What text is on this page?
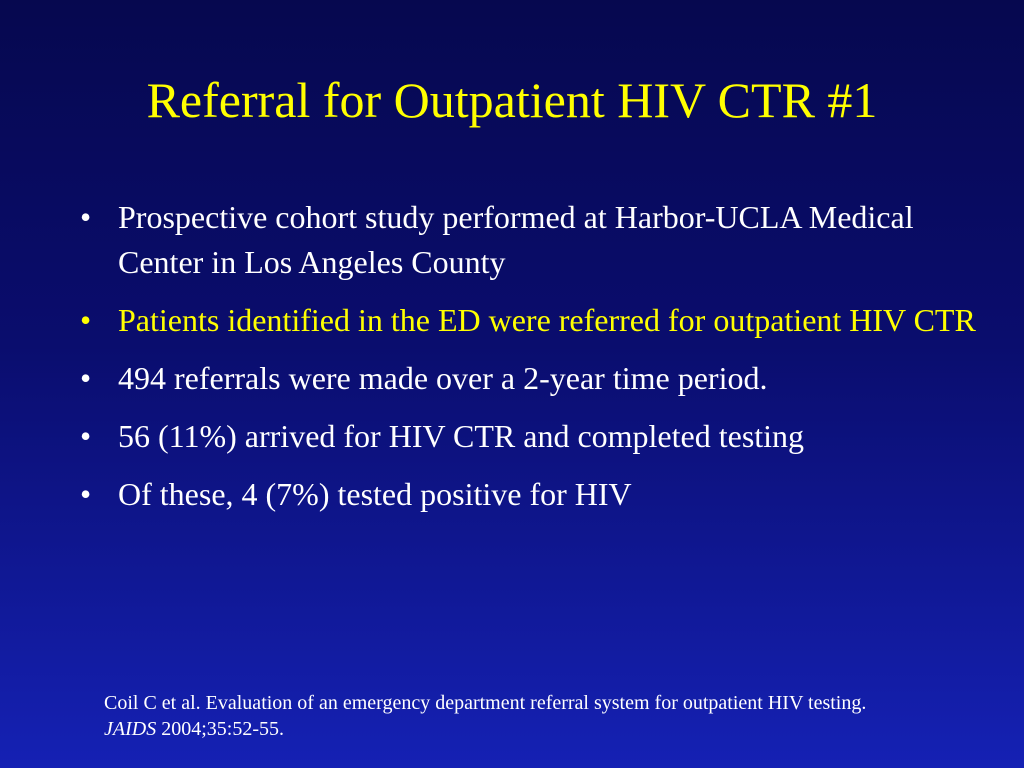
Referral for Outpatient HIV CTR #1
• Prospective cohort study performed at Harbor-UCLA Medical Center in Los Angeles County
• Patients identified in the ED were referred for outpatient HIV CTR
• 494 referrals were made over a 2-year time period.
• 56 (11%) arrived for HIV CTR and completed testing
• Of these, 4 (7%) tested positive for HIV
Coil C et al. Evaluation of an emergency department referral system for outpatient HIV testing. JAIDS 2004;35:52-55.
